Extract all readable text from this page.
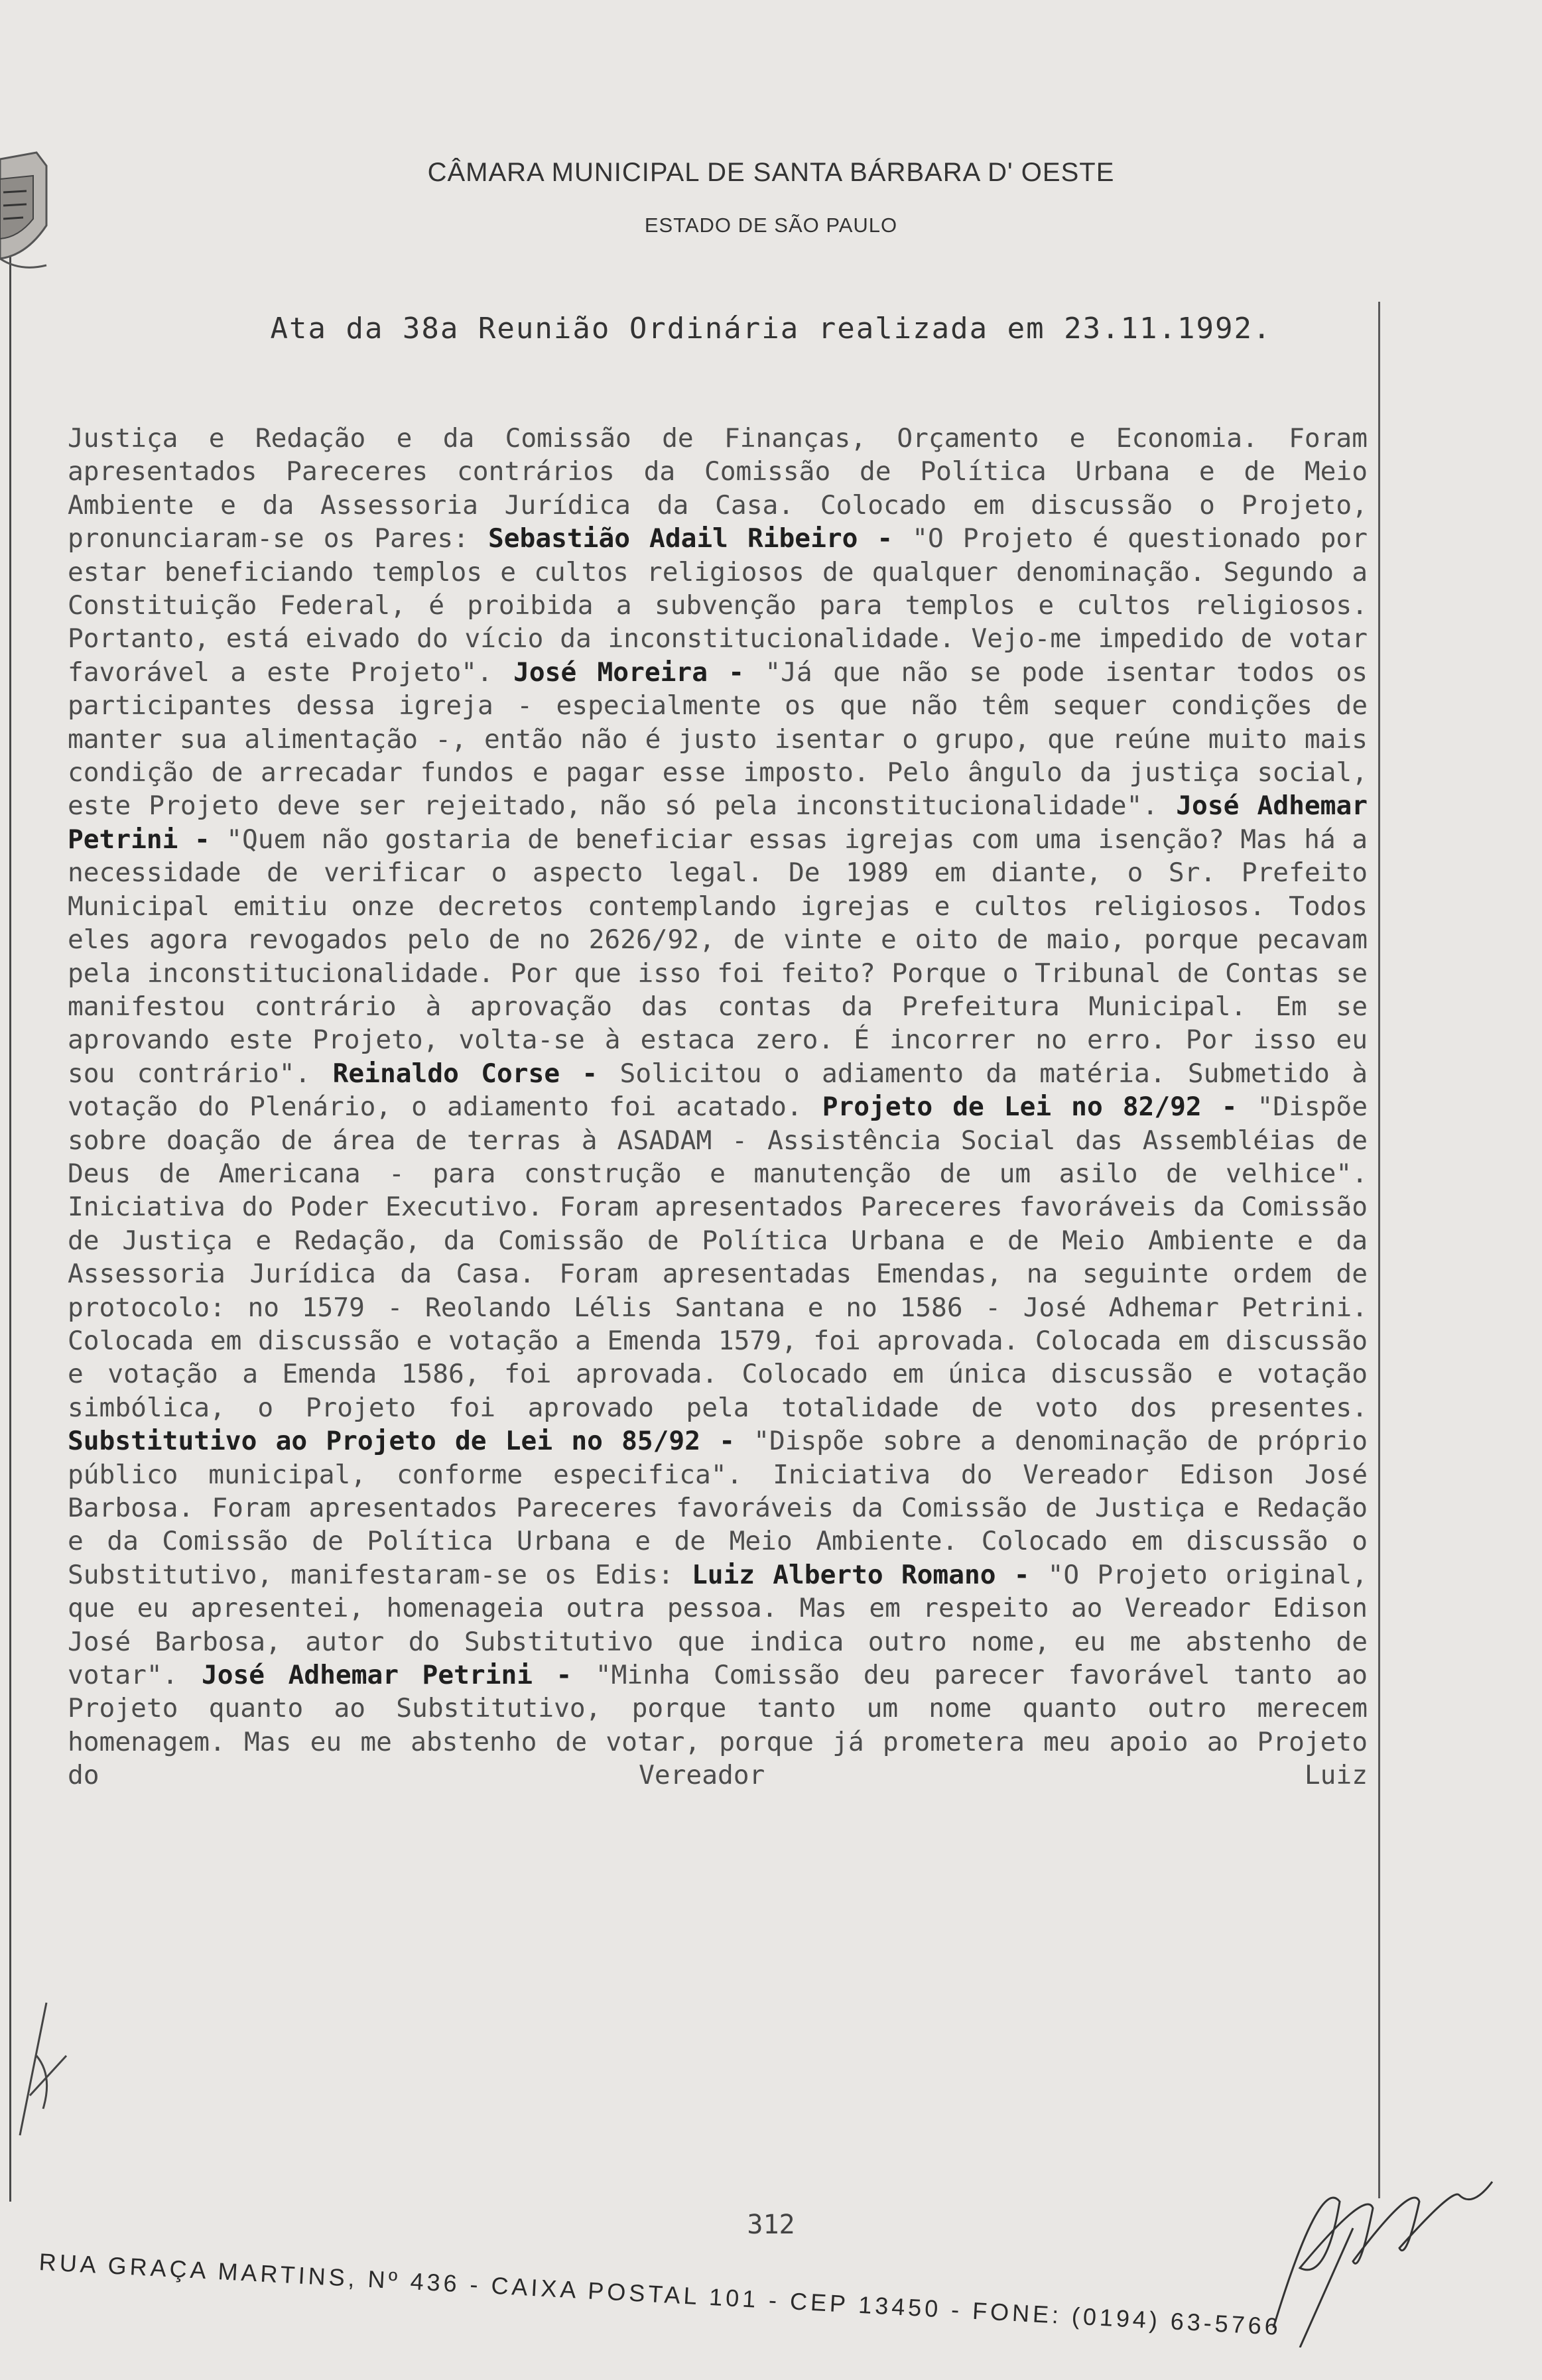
CÂMARA MUNICIPAL DE SANTA BÁRBARA D' OESTE
ESTADO DE SÃO PAULO
Ata da 38a Reunião Ordinária realizada em 23.11.1992.
Justiça e Redação e da Comissão de Finanças, Orçamento e Economia. Foram apresentados Pareceres contrários da Comissão de Política Urbana e de Meio Ambiente e da Assessoria Jurídica da Casa. Colocado em discussão o Projeto, pronunciaram-se os Pares: Sebastião Adail Ribeiro - "O Projeto é questionado por estar beneficiando templos e cultos religiosos de qualquer denominação. Segundo a Constituição Federal, é proibida a subvenção para templos e cultos religiosos. Portanto, está eivado do vício da inconstitucionalidade. Vejo-me impedido de votar favorável a este Projeto". José Moreira - "Já que não se pode isentar todos os participantes dessa igreja - especialmente os que não têm sequer condições de manter sua alimentação -, então não é justo isentar o grupo, que reúne muito mais condição de arrecadar fundos e pagar esse imposto. Pelo ângulo da justiça social, este Projeto deve ser rejeitado, não só pela inconstitucionalidade". José Adhemar Petrini - "Quem não gostaria de beneficiar essas igrejas com uma isenção? Mas há a necessidade de verificar o aspecto legal. De 1989 em diante, o Sr. Prefeito Municipal emitiu onze decretos contemplando igrejas e cultos religiosos. Todos eles agora revogados pelo de no 2626/92, de vinte e oito de maio, porque pecavam pela inconstitucionalidade. Por que isso foi feito? Porque o Tribunal de Contas se manifestou contrário à aprovação das contas da Prefeitura Municipal. Em se aprovando este Projeto, volta-se à estaca zero. É incorrer no erro. Por isso eu sou contrário". Reinaldo Corse - Solicitou o adiamento da matéria. Submetido à votação do Plenário, o adiamento foi acatado. Projeto de Lei no 82/92 - "Dispõe sobre doação de área de terras à ASADAM - Assistência Social das Assembléias de Deus de Americana - para construção e manutenção de um asilo de velhice". Iniciativa do Poder Executivo. Foram apresentados Pareceres favoráveis da Comissão de Justiça e Redação, da Comissão de Política Urbana e de Meio Ambiente e da Assessoria Jurídica da Casa. Foram apresentadas Emendas, na seguinte ordem de protocolo: no 1579 - Reolando Lélis Santana e no 1586 - José Adhemar Petrini. Colocada em discussão e votação a Emenda 1579, foi aprovada. Colocada em discussão e votação a Emenda 1586, foi aprovada. Colocado em única discussão e votação simbólica, o Projeto foi aprovado pela totalidade de voto dos presentes. Substitutivo ao Projeto de Lei no 85/92 - "Dispõe sobre a denominação de próprio público municipal, conforme especifica". Iniciativa do Vereador Edison José Barbosa. Foram apresentados Pareceres favoráveis da Comissão de Justiça e Redação e da Comissão de Política Urbana e de Meio Ambiente. Colocado em discussão o Substitutivo, manifestaram-se os Edis: Luiz Alberto Romano - "O Projeto original, que eu apresentei, homenageia outra pessoa. Mas em respeito ao Vereador Edison José Barbosa, autor do Substitutivo que indica outro nome, eu me abstenho de votar". José Adhemar Petrini - "Minha Comissão deu parecer favorável tanto ao Projeto quanto ao Substitutivo, porque tanto um nome quanto outro merecem homenagem. Mas eu me abstenho de votar, porque já prometera meu apoio ao Projeto do Vereador Luiz
312
RUA GRAÇA MARTINS, Nº 436 - CAIXA POSTAL 101 - CEP 13450 - FONE: (0194) 63-5766
